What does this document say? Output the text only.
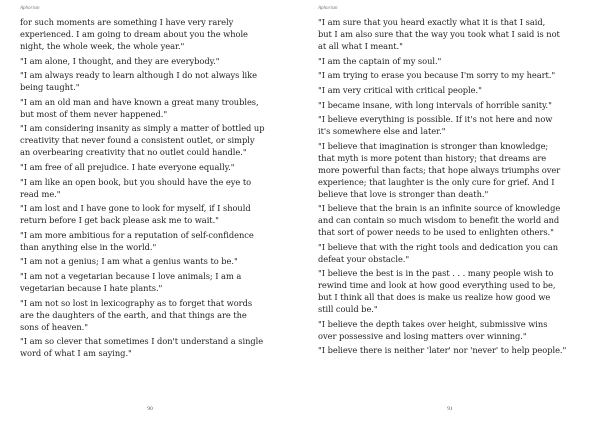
Aphorism

for such moments are something I have very rarely
experienced. I am going to dream about you the whole
night, the whole week, the whole year."

"I am alone, I thought, and they are everybody."

"I am always ready to learn although I do not always like
being taught."

"I am an old man and have known a great many troubles,
but most of them never happened."

"I am considering insanity as simply a matter of bottled up
creativity that never found a consistent outlet, or simply
an overbearing creativity that no outlet could handle."

"I am free of all prejudice. I hate everyone equally."

"I am like an open book, but you should have the eye to
read me."

"I am lost and I have gone to look for myself, if I should
return before I get back please ask me to wait."

"I am more ambitious for a reputation of self-confidence
than anything else in the world."

"I am not a genius; I am what a genius wants to be."

"I am not a vegetarian because I love animals; I am a
vegetarian because I hate plants."

"I am not so lost in lexicography as to forget that words
are the daughters of the earth, and that things are the
sons of heaven."

"I am so clever that sometimes I don't understand a single
word of what I am saying."

90
Aphorism

"I am sure that you heard exactly what it is that I said,
but I am also sure that the way you took what I said is not
at all what I meant."

"I am the captain of my soul."

"I am trying to erase you because I'm sorry to my heart."

"I am very critical with critical people."

"I became insane, with long intervals of horrible sanity."

"I believe everything is possible. If it's not here and now
it's somewhere else and later."

"I believe that imagination is stronger than knowledge;
that myth is more potent than history; that dreams are
more powerful than facts; that hope always triumphs over
experience; that laughter is the only cure for grief. And I
believe that love is stronger than death."

"I believe that the brain is an infinite source of knowledge
and can contain so much wisdom to benefit the world and
that sort of power needs to be used to enlighten others."

"I believe that with the right tools and dedication you can
defeat your obstacle."

"I believe the best is in the past . . . many people wish to
rewind time and look at how good everything used to be,
but I think all that does is make us realize how good we
still could be."

"I believe the depth takes over height, submissive wins
over possessive and losing matters over winning."

"I believe there is neither 'later' nor 'never' to help people."

91
